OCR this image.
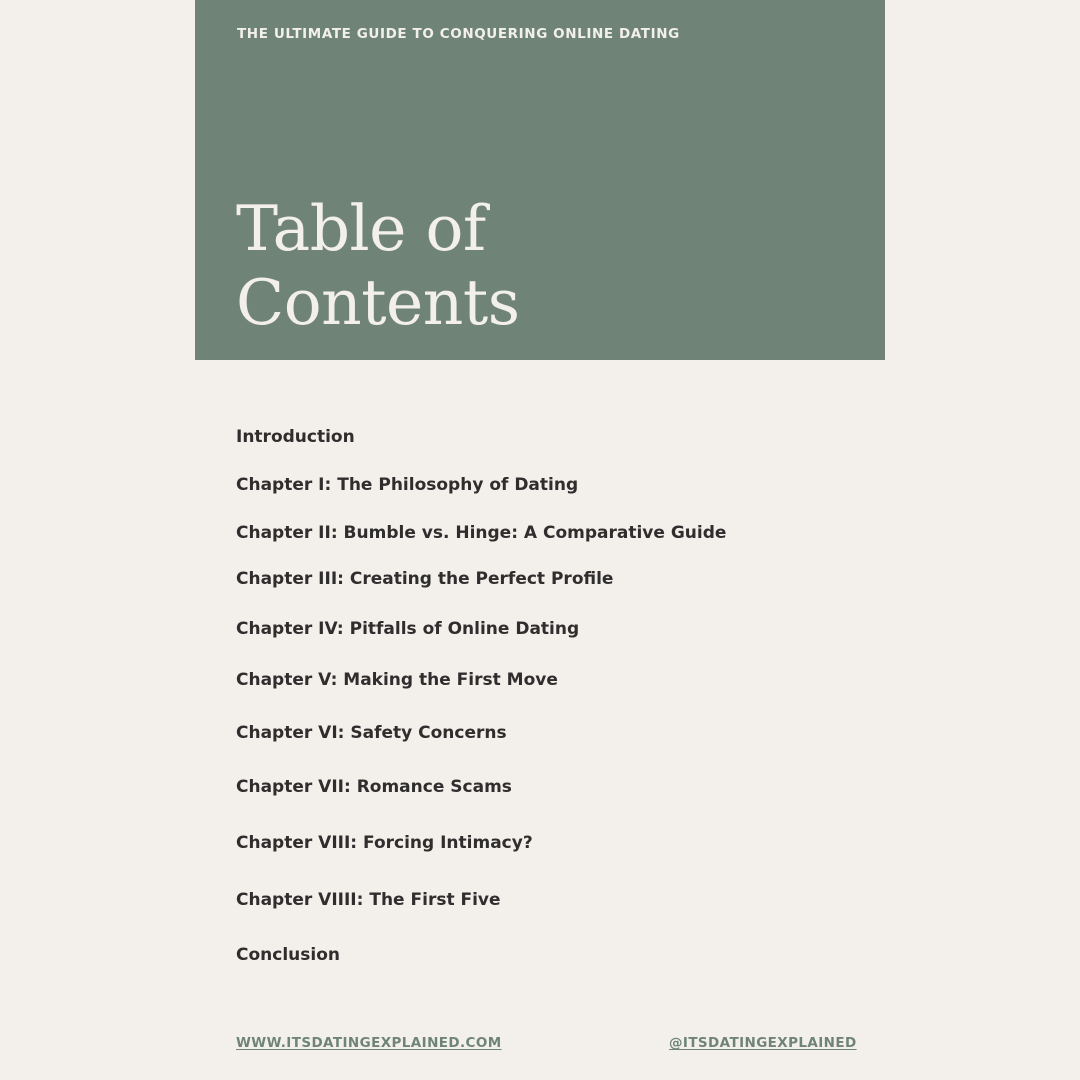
THE ULTIMATE GUIDE TO CONQUERING ONLINE DATING
Table of
Contents
Introduction
Chapter I: The Philosophy of Dating
Chapter II: Bumble vs. Hinge: A Comparative Guide
Chapter III: Creating the Perfect Profile
Chapter IV: Pitfalls of Online Dating
Chapter V: Making the First Move
Chapter VI: Safety Concerns
Chapter VII: Romance Scams
Chapter VIII: Forcing Intimacy?
Chapter VIIII: The First Five
Conclusion
WWW.ITSDATINGEXPLAINED.COM	@ITSDATINGEXPLAINED
